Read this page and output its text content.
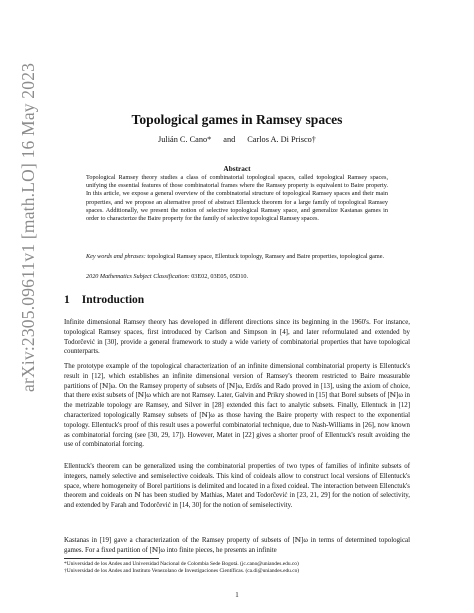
arXiv:2305.09611v1 [math.LO] 16 May 2023	Topological games in Ramsey spaces
Julián C. Cano* and Carlos A. Di Prisco†
Abstract

Topological Ramsey theory studies a class of combinatorial topological spaces, called topological Ramsey spaces, unifying the essential features of those combinatorial frames where the Ramsey property is equivalent to Baire property. In this article, we expose a general overview of the combinatorial structure of topological Ramsey spaces and their main properties, and we propose an alternative proof of abstract Ellentuck theorem for a large family of topological Ramsey spaces. Additionally, we present the notion of selective topological Ramsey space, and generalize Kastanas games in order to characterize the Baire property for the family of selective topological Ramsey spaces.

Key words and phrases: topological Ramsey space, Ellentuck topology, Ramsey and Baire properties, topological game.

2020 Mathematics Subject Classification: 03E02, 03E05, 05D10.

1 Introduction

Infinite dimensional Ramsey theory has developed in different directions since its beginning in the 1960's. For instance, topological Ramsey spaces, first introduced by Carlson and Simpson in [4], and later reformulated and extended by Todorčević in [30], provide a general framework to study a wide variety of combinatorial properties that have topological counterparts.

The prototype example of the topological characterization of an infinite dimensional combinatorial property is Ellentuck's result in [12], which establishes an infinite dimensional version of Ramsey's theorem restricted to Baire measurable partitions of [ℕ]ω. On the Ramsey property of subsets of [ℕ]ω, Erdős and Rado proved in [13], using the axiom of choice, that there exist subsets of [ℕ]ω which are not Ramsey. Later, Galvin and Prikry showed in [15] that Borel subsets of [ℕ]ω in the metrizable topology are Ramsey, and Silver in [28] extended this fact to analytic subsets. Finally, Ellentuck in [12] characterized topologically Ramsey subsets of [ℕ]ω as those having the Baire property with respect to the exponential topology. Ellentuck's proof of this result uses a powerful combinatorial technique, due to Nash-Williams in [26], now known as combinatorial forcing (see [30, 29, 17]). However, Matet in [22] gives a shorter proof of Ellentuck's result avoiding the use of combinatorial forcing.

Ellentuck's theorem can be generalized using the combinatorial properties of two types of families of infinite subsets of integers, namely selective and semiselective coideals. This kind of coideals allow to construct local versions of Ellentuck's space, where homogeneity of Borel partitions is delimited and located in a fixed coideal. The interaction between Ellenctuk's theorem and coideals on ℕ has been studied by Mathias, Matet and Todorčević in [23, 21, 29] for the notion of selectivity, and extended by Farah and Todorčević in [14, 30] for the notion of semiselectivity.

Kastanas in [19] gave a characterization of the Ramsey property of subsets of [ℕ]ω in terms of determined topological games. For a fixed partition of [ℕ]ω into finite pieces, he presents an infinite

*Universidad de los Andes and Universidad Nacional de Colombia Sede Bogotá. (jc.cano@uniandes.edu.co)
†Universidad de los Andes and Instituto Venezolano de Investigaciones Científicas. (ca.di@uniandes.edu.co)
1
